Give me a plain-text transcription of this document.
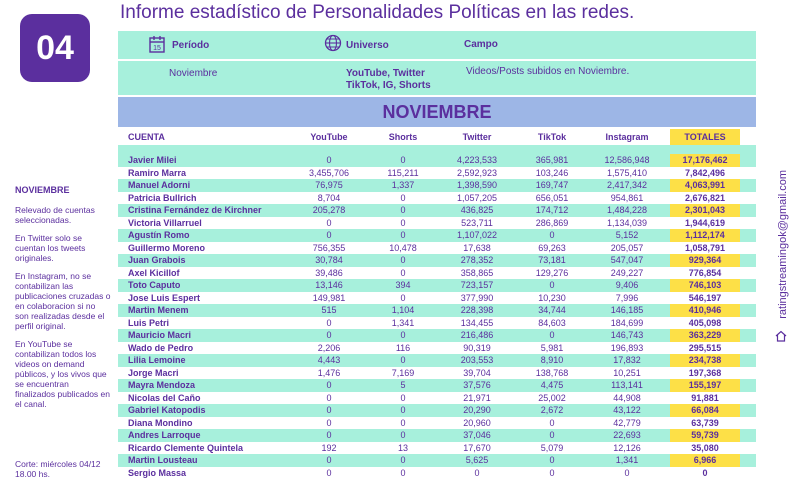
04
NOVIEMBRE

Relevado de cuentas seleccionadas.

En Twitter solo se cuentan los tweets originales.

En Instagram, no se contabilizan las publicaciones cruzadas o en colaboracion si no son realizadas desde el perfil original.

En YouTube se contabilizan todos los videos on demand públicos, y los vivos que se encuentran finalizados publicados en el canal.

Corte: miércoles 04/12 18.00 hs.
Informe estadístico de Personalidades Políticas en las redes.
15 Período	Universo	Campo
Noviembre	YouTube, Twitter
TikTok, IG, Shorts
Videos/Posts subidos en Noviembre.
NOVIEMBRE
CUENTA	YouTube	Shorts	Twitter	TikTok	Instagram	TOTALES	

Javier Milei	0	0	4,223,533	365,981	12,586,948	17,176,462	
Ramiro Marra	3,455,706	115,211	2,592,923	103,246	1,575,410	7,842,496	
Manuel Adorni	76,975	1,337	1,398,590	169,747	2,417,342	4,063,991	
Patricia Bullrich	8,704	0	1,057,205	656,051	954,861	2,676,821	
Cristina Fernández de Kirchner	205,278	0	436,825	174,712	1,484,228	2,301,043	
Victoria Villarruel	0	0	523,711	286,869	1,134,039	1,944,619	
Agustín Romo	0	0	1,107,022	0	5,152	1,112,174	
Guillermo Moreno	756,355	10,478	17,638	69,263	205,057	1,058,791	
Juan Grabois	30,784	0	278,352	73,181	547,047	929,364	
Axel Kicillof	39,486	0	358,865	129,276	249,227	776,854	
Toto Caputo	13,146	394	723,157	0	9,406	746,103	
Jose Luis Espert	149,981	0	377,990	10,230	7,996	546,197	
Martin Menem	515	1,104	228,398	34,744	146,185	410,946	
Luis Petri	0	1,341	134,455	84,603	184,699	405,098	
Mauricio Macri	0	0	216,486	0	146,743	363,229	
Wado de Pedro	2,206	116	90,319	5,981	196,893	295,515	
Lilia Lemoine	4,443	0	203,553	8,910	17,832	234,738	
Jorge Macri	1,476	7,169	39,704	138,768	10,251	197,368	
Mayra Mendoza	0	5	37,576	4,475	113,141	155,197	
Nicolas del Caño	0	0	21,971	25,002	44,908	91,881	
Gabriel Katopodis	0	0	20,290	2,672	43,122	66,084	
Diana Mondino	0	0	20,960	0	42,779	63,739	
Andres Larroque	0	0	37,046	0	22,693	59,739	
Ricardo Clemente Quintela	192	13	17,670	5,079	12,126	35,080	
Martin Lousteau	0	0	5,625	0	1,341	6,966	
Sergio Massa	0	0	0	0	0	0	
ratingstreamingok@gmail.com
